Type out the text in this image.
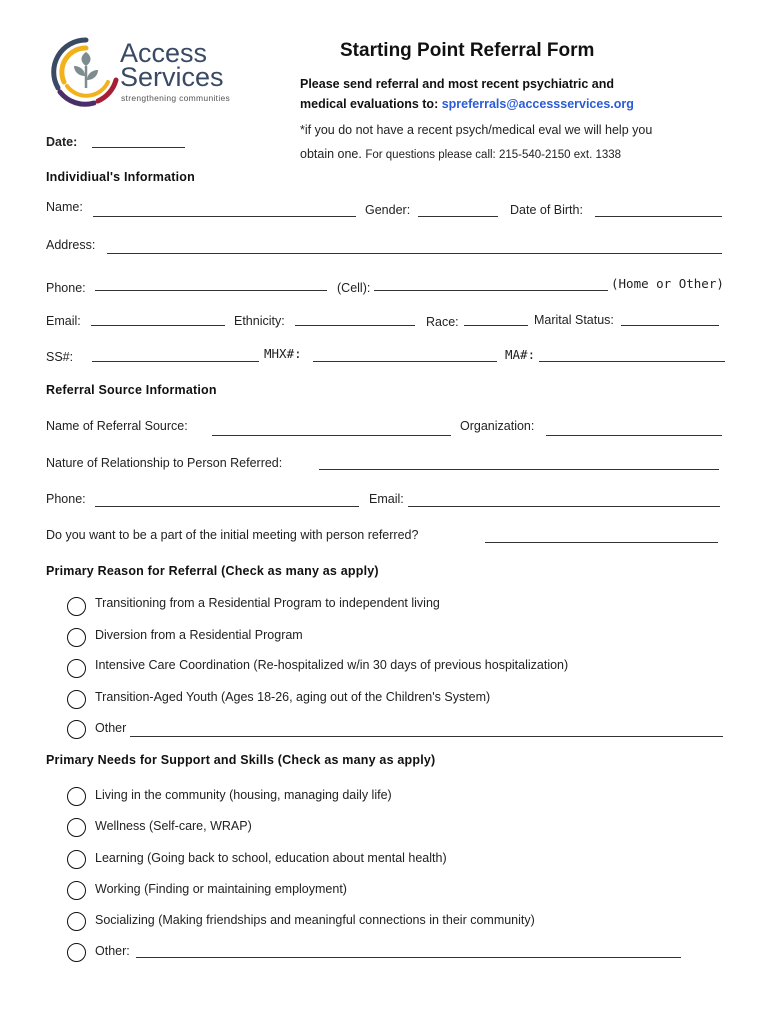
Access
Services
strengthening communities
Starting Point Referral Form
Please send referral and most recent psychiatric and
medical evaluations to: spreferrals@accessservices.org
*if you do not have a recent psych/medical eval we will help you
obtain one. For questions please call: 215-540-2150 ext. 1338
Date:
Individiual's Information
Name:	Gender:	Date of Birth:
Address:
Phone:	(Cell):	(Home or Other)
Email:	Ethnicity:	Race:	Marital Status:
SS#:	MHX#:	MA#:
Referral Source Information
Name of Referral Source:	Organization:
Nature of Relationship to Person Referred:
Phone:	Email:
Do you want to be a part of the initial meeting with person referred?
Primary Reason for Referral (Check as many as apply)
Transitioning from a Residential Program to independent living
Diversion from a Residential Program
Intensive Care Coordination (Re-hospitalized w/in 30 days of previous hospitalization)
Transition-Aged Youth (Ages 18-26, aging out of the Children's System)
Other
Primary Needs for Support and Skills (Check as many as apply)
Living in the community (housing, managing daily life)
Wellness (Self-care, WRAP)
Learning (Going back to school, education about mental health)
Working (Finding or maintaining employment)
Socializing (Making friendships and meaningful connections in their community)
Other:
